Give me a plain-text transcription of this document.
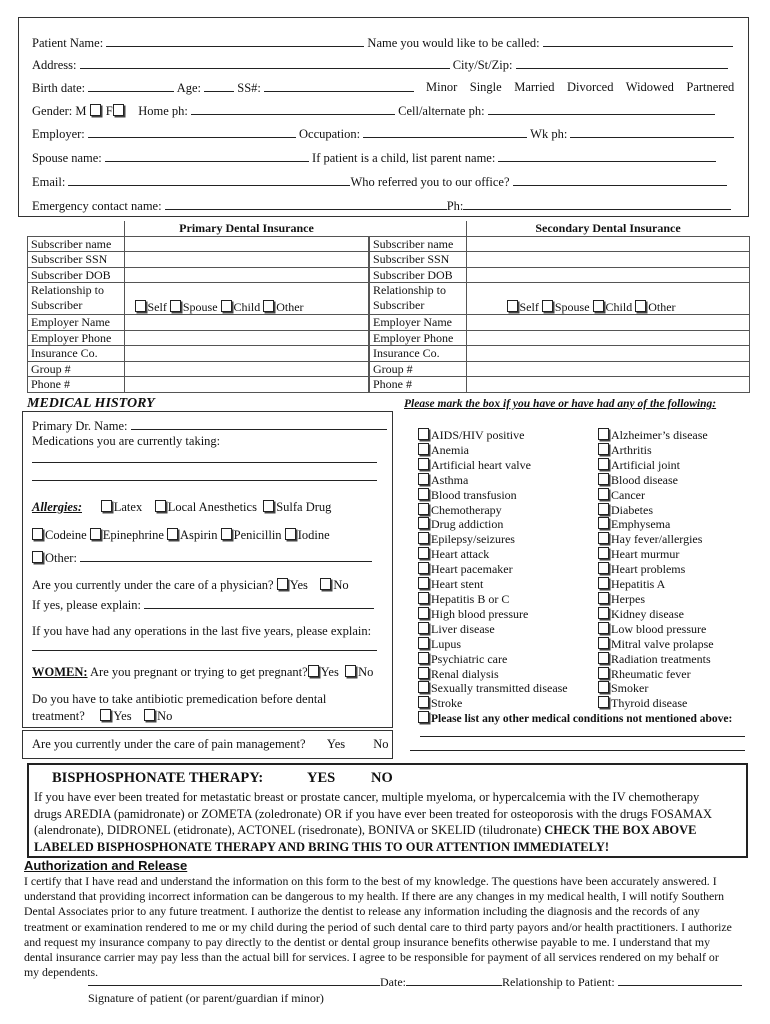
Patient Name:	Name you would like to be called:
Address:	City/St/Zip:
Birth date:	Age:	SS#:	Minor Single Married Divorced Widowed Partnered
Gender: M F Home ph:	Cell/alternate ph:
Employer:	Occupation:	Wk ph:
Spouse name:	If patient is a child, list parent name:
Email:	Who referred you to our office?
Emergency contact name:	Ph:
	Primary Dental Insurance
Subscriber name	
Subscriber SSN	
Subscriber DOB	
Relationship to
Subscriber	Self Spouse Child Other
Employer Name	
Employer Phone	
Insurance Co.	
Group #	
Phone #	
	Secondary Dental Insurance
Subscriber name	
Subscriber SSN	
Subscriber DOB	
Relationship to
Subscriber	Self Spouse Child Other
Employer Name	
Employer Phone	
Insurance Co.	
Group #	
Phone #	
MEDICAL HISTORY	Please mark the box if you have or have had any of the following:
Primary Dr. Name:
Medications you are currently taking:
Allergies:	Latex Local Anesthetics Sulfa Drug
Codeine Epinephrine Aspirin Penicillin Iodine
Other:
Are you currently under the care of a physician? Yes No
If yes, please explain:
If you have had any operations in the last five years, please explain:
WOMEN: Are you pregnant or trying to get pregnant? Yes No
Do you have to take antibiotic premedication before dental
treatment? Yes No
Are you currently under the care of pain management? Yes No
AIDS/HIV positive
Anemia
Artificial heart valve
Asthma
Blood transfusion
Chemotherapy
Drug addiction
Epilepsy/seizures
Heart attack
Heart pacemaker
Heart stent
Hepatitis B or C
High blood pressure
Liver disease
Lupus
Psychiatric care
Renal dialysis
Sexually transmitted disease
Stroke
Alzheimer’s disease
Arthritis
Artificial joint
Blood disease
Cancer
Diabetes
Emphysema
Hay fever/allergies
Heart murmur
Heart problems
Hepatitis A
Herpes
Kidney disease
Low blood pressure
Mitral valve prolapse
Radiation treatments
Rheumatic fever
Smoker
Thyroid disease
Please list any other medical conditions not mentioned above:
BISPHOSPHONATE THERAPY:	YES NO
If you have ever been treated for metastatic breast or prostate cancer, multiple myeloma, or hypercalcemia with the IV chemotherapy
drugs AREDIA (pamidronate) or ZOMETA (zoledronate) OR if you have ever been treated for osteoporosis with the drugs FOSAMAX
(alendronate), DIDRONEL (etidronate), ACTONEL (risedronate), BONIVA or SKELID (tiludronate) CHECK THE BOX ABOVE
LABELED BISPHOSPHONATE THERAPY AND BRING THIS TO OUR ATTENTION IMMEDIATELY!
Authorization and Release
I certify that I have read and understand the information on this form to the best of my knowledge. The questions have been accurately answered. I
understand that providing incorrect information can be dangerous to my health. If there are any changes in my medical health, I will notify Southern
Dental Associates prior to any future treatment. I authorize the dentist to release any information including the diagnosis and the records of any
treatment or examination rendered to me or my child during the period of such dental care to third party payors and/or health practitioners. I authorize
and request my insurance company to pay directly to the dentist or dental group insurance benefits otherwise payable to me. I understand that my
dental insurance carrier may pay less than the actual bill for services. I agree to be responsible for payment of all services rendered on my behalf or
my dependents.
Date:	Relationship to Patient:
Signature of patient (or parent/guardian if minor)
